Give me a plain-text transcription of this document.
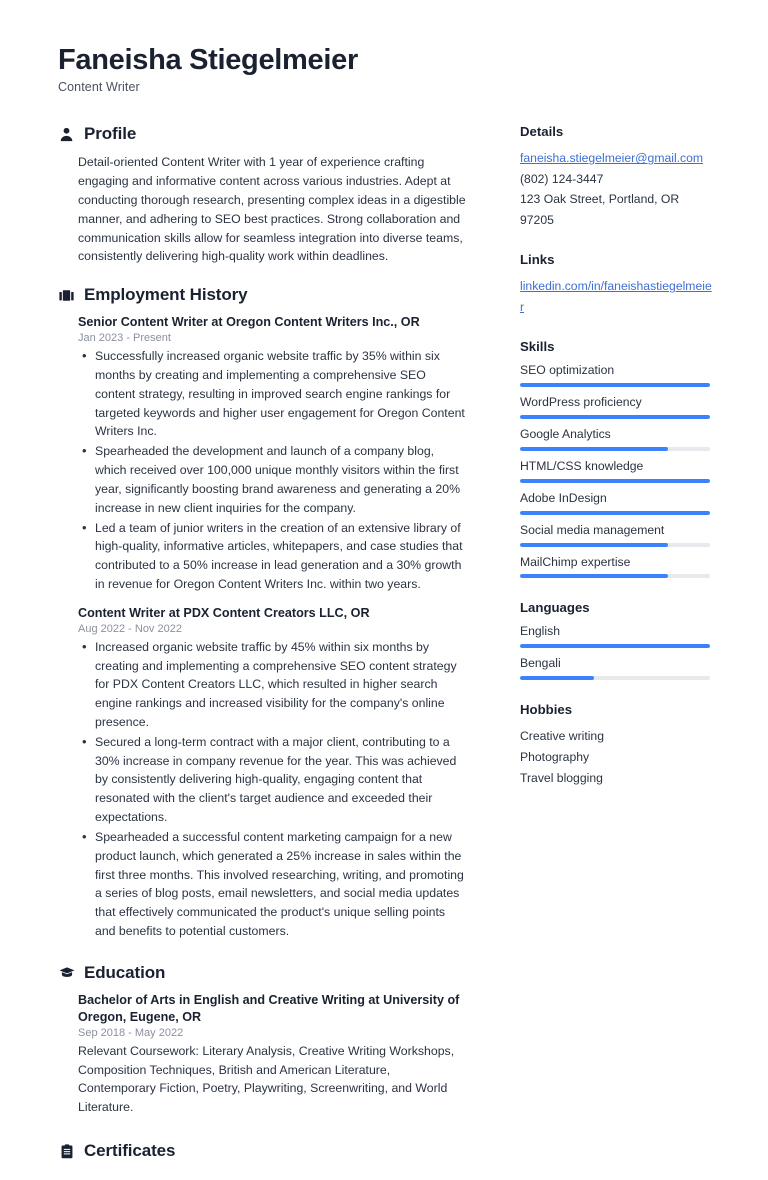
Faneisha Stiegelmeier
Content Writer
Profile
Detail-oriented Content Writer with 1 year of experience crafting engaging and informative content across various industries. Adept at conducting thorough research, presenting complex ideas in a digestible manner, and adhering to SEO best practices. Strong collaboration and communication skills allow for seamless integration into diverse teams, consistently delivering high-quality work within deadlines.
Employment History
Senior Content Writer at Oregon Content Writers Inc., OR
Jan 2023 - Present
• Successfully increased organic website traffic by 35% within six months by creating and implementing a comprehensive SEO content strategy, resulting in improved search engine rankings for targeted keywords and higher user engagement for Oregon Content Writers Inc.
• Spearheaded the development and launch of a company blog, which received over 100,000 unique monthly visitors within the first year, significantly boosting brand awareness and generating a 20% increase in new client inquiries for the company.
• Led a team of junior writers in the creation of an extensive library of high-quality, informative articles, whitepapers, and case studies that contributed to a 50% increase in lead generation and a 30% growth in revenue for Oregon Content Writers Inc. within two years.
Content Writer at PDX Content Creators LLC, OR
Aug 2022 - Nov 2022
• Increased organic website traffic by 45% within six months by creating and implementing a comprehensive SEO content strategy for PDX Content Creators LLC, which resulted in higher search engine rankings and increased visibility for the company's online presence.
• Secured a long-term contract with a major client, contributing to a 30% increase in company revenue for the year. This was achieved by consistently delivering high-quality, engaging content that resonated with the client's target audience and exceeded their expectations.
• Spearheaded a successful content marketing campaign for a new product launch, which generated a 25% increase in sales within the first three months. This involved researching, writing, and promoting a series of blog posts, email newsletters, and social media updates that effectively communicated the product's unique selling points and benefits to potential customers.
Education
Bachelor of Arts in English and Creative Writing at University of Oregon, Eugene, OR
Sep 2018 - May 2022
Relevant Coursework: Literary Analysis, Creative Writing Workshops, Composition Techniques, British and American Literature, Contemporary Fiction, Poetry, Playwriting, Screenwriting, and World Literature.
Certificates
Details
faneisha.stiegelmeier@gmail.com
(802) 124-3447
123 Oak Street, Portland, OR 97205
Links
linkedin.com/in/faneishastiegelmeier
Skills
SEO optimization
WordPress proficiency
Google Analytics
HTML/CSS knowledge
Adobe InDesign
Social media management
MailChimp expertise
Languages
English
Bengali
Hobbies
Creative writing
Photography
Travel blogging
